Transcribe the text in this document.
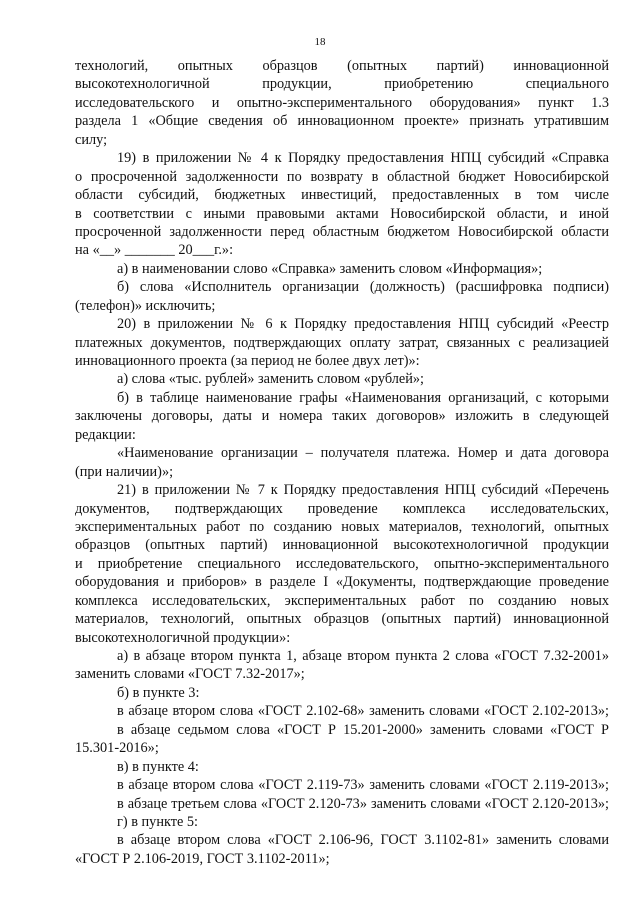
18
технологий, опытных образцов (опытных партий) инновационной
высокотехнологичной продукции, приобретению специального
исследовательского и опытно-экспериментального оборудования» пункт 1.3
раздела 1 «Общие сведения об инновационном проекте» признать утратившим
силу;
19) в приложении № 4 к Порядку предоставления НПЦ субсидий «Справка
о просроченной задолженности по возврату в областной бюджет Новосибирской
области субсидий, бюджетных инвестиций, предоставленных в том числе
в соответствии с иными правовыми актами Новосибирской области, и иной
просроченной задолженности перед областным бюджетом Новосибирской области
на «__» _______ 20___г.»:
а) в наименовании слово «Справка» заменить словом «Информация»;
б) слова «Исполнитель организации (должность) (расшифровка подписи)
(телефон)» исключить;
20) в приложении № 6 к Порядку предоставления НПЦ субсидий «Реестр
платежных документов, подтверждающих оплату затрат, связанных с реализацией
инновационного проекта (за период не более двух лет)»:
а) слова «тыс. рублей» заменить словом «рублей»;
б) в таблице наименование графы «Наименования организаций, с которыми
заключены договоры, даты и номера таких договоров» изложить в следующей
редакции:
«Наименование организации – получателя платежа. Номер и дата договора
(при наличии)»;
21) в приложении № 7 к Порядку предоставления НПЦ субсидий «Перечень
документов, подтверждающих проведение комплекса исследовательских,
экспериментальных работ по созданию новых материалов, технологий, опытных
образцов (опытных партий) инновационной высокотехнологичной продукции
и приобретение специального исследовательского, опытно-экспериментального
оборудования и приборов» в разделе I «Документы, подтверждающие проведение
комплекса исследовательских, экспериментальных работ по созданию новых
материалов, технологий, опытных образцов (опытных партий) инновационной
высокотехнологичной продукции»:
а) в абзаце втором пункта 1, абзаце втором пункта 2 слова «ГОСТ 7.32-2001»
заменить словами «ГОСТ 7.32-2017»;
б) в пункте 3:
в абзаце втором слова «ГОСТ 2.102-68» заменить словами «ГОСТ 2.102-2013»;
в абзаце седьмом слова «ГОСТ Р 15.201-2000» заменить словами «ГОСТ Р
15.301-2016»;
в) в пункте 4:
в абзаце втором слова «ГОСТ 2.119-73» заменить словами «ГОСТ 2.119-2013»;
в абзаце третьем слова «ГОСТ 2.120-73» заменить словами «ГОСТ 2.120-2013»;
г) в пункте 5:
в абзаце втором слова «ГОСТ 2.106-96, ГОСТ 3.1102-81» заменить словами
«ГОСТ Р 2.106-2019, ГОСТ 3.1102-2011»;
